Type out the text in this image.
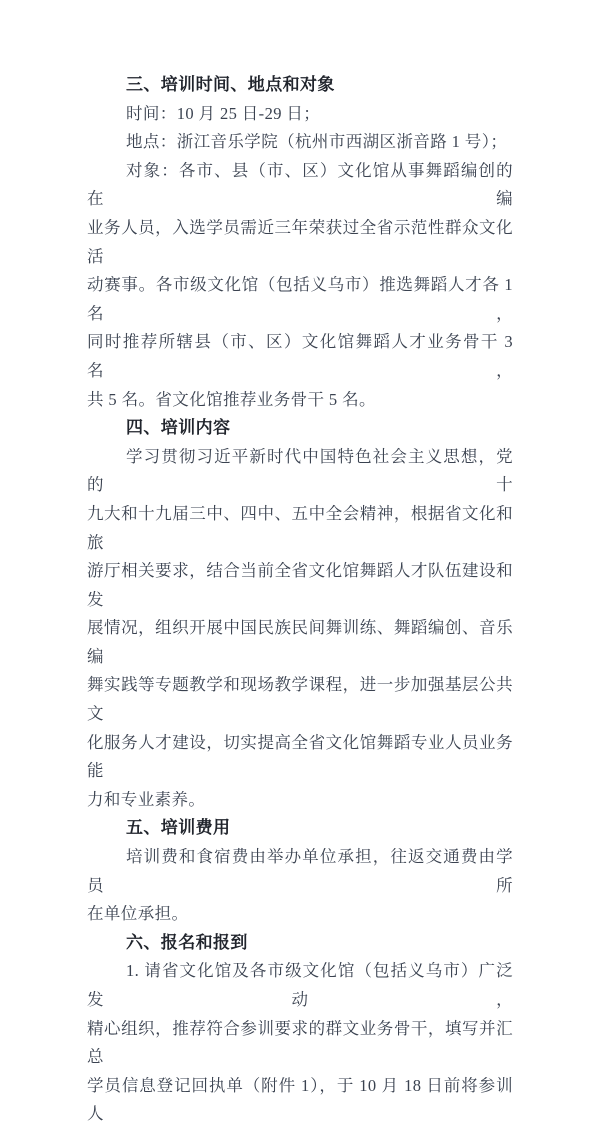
三、培训时间、地点和对象
时间：10 月 25 日-29 日；
地点：浙江音乐学院（杭州市西湖区浙音路 1 号）；
对象：各市、县（市、区）文化馆从事舞蹈编创的在编
业务人员，入选学员需近三年荣获过全省示范性群众文化活
动赛事。各市级文化馆（包括义乌市）推选舞蹈人才各 1 名，
同时推荐所辖县（市、区）文化馆舞蹈人才业务骨干 3 名，
共 5 名。省文化馆推荐业务骨干 5 名。
四、培训内容
学习贯彻习近平新时代中国特色社会主义思想，党的十
九大和十九届三中、四中、五中全会精神，根据省文化和旅
游厅相关要求，结合当前全省文化馆舞蹈人才队伍建设和发
展情况，组织开展中国民族民间舞训练、舞蹈编创、音乐编
舞实践等专题教学和现场教学课程，进一步加强基层公共文
化服务人才建设，切实提高全省文化馆舞蹈专业人员业务能
力和专业素养。
五、培训费用
培训费和食宿费由举办单位承担，往返交通费由学员所
在单位承担。
六、报名和报到
1. 请省文化馆及各市级文化馆（包括义乌市）广泛发动，
精心组织，推荐符合参训要求的群文业务骨干，填写并汇总
学员信息登记回执单（附件 1），于 10 月 18 日前将参训人
